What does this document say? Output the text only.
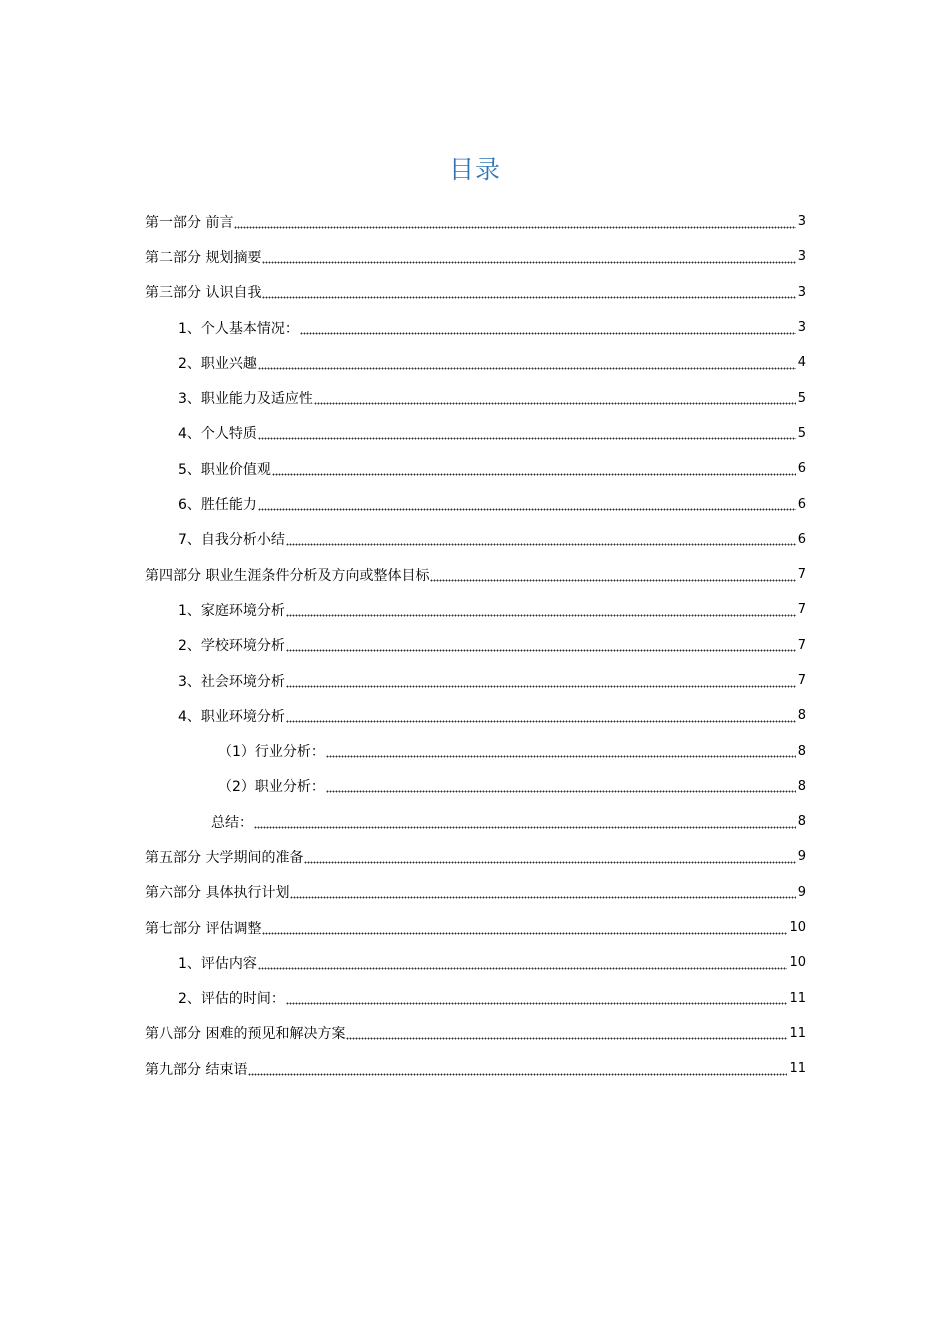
目录
第一部分 前言	3
第二部分 规划摘要	3
第三部分 认识自我	3
1、个人基本情况：	3
2、职业兴趣	4
3、职业能力及适应性	5
4、个人特质	5
5、职业价值观	6
6、胜任能力	6
7、自我分析小结	6
第四部分 职业生涯条件分析及方向或整体目标	7
1、家庭环境分析	7
2、学校环境分析	7
3、社会环境分析	7
4、职业环境分析	8
（1）行业分析：	8
（2）职业分析：	8
总结：	8
第五部分 大学期间的准备	9
第六部分 具体执行计划	9
第七部分 评估调整	10
1、评估内容	10
2、评估的时间：	11
第八部分 困难的预见和解决方案	11
第九部分 结束语	11
